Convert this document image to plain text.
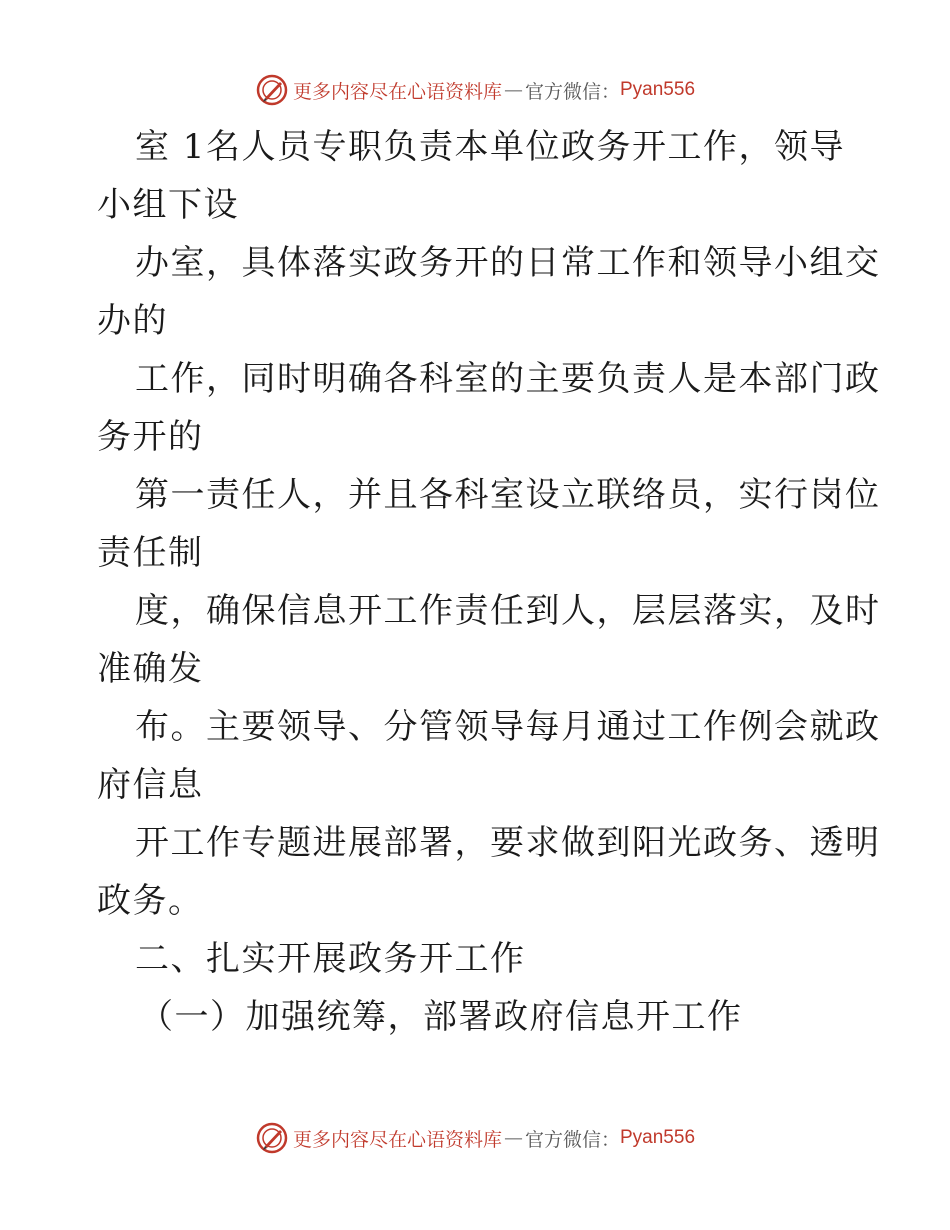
更多内容尽在心语资料库 — 官方微信： Pyan556
室 1名人员专职负责本单位政务开工作，领导
小组下设
办室，具体落实政务开的日常工作和领导小组交
办的
工作，同时明确各科室的主要负责人是本部门政
务开的
第一责任人，并且各科室设立联络员，实行岗位
责任制
度，确保信息开工作责任到人，层层落实，及时
准确发
布。主要领导、分管领导每月通过工作例会就政
府信息
开工作专题进展部署，要求做到阳光政务、透明
政务。
二、扎实开展政务开工作
（一）加强统筹，部署政府信息开工作
更多内容尽在心语资料库 — 官方微信： Pyan556
